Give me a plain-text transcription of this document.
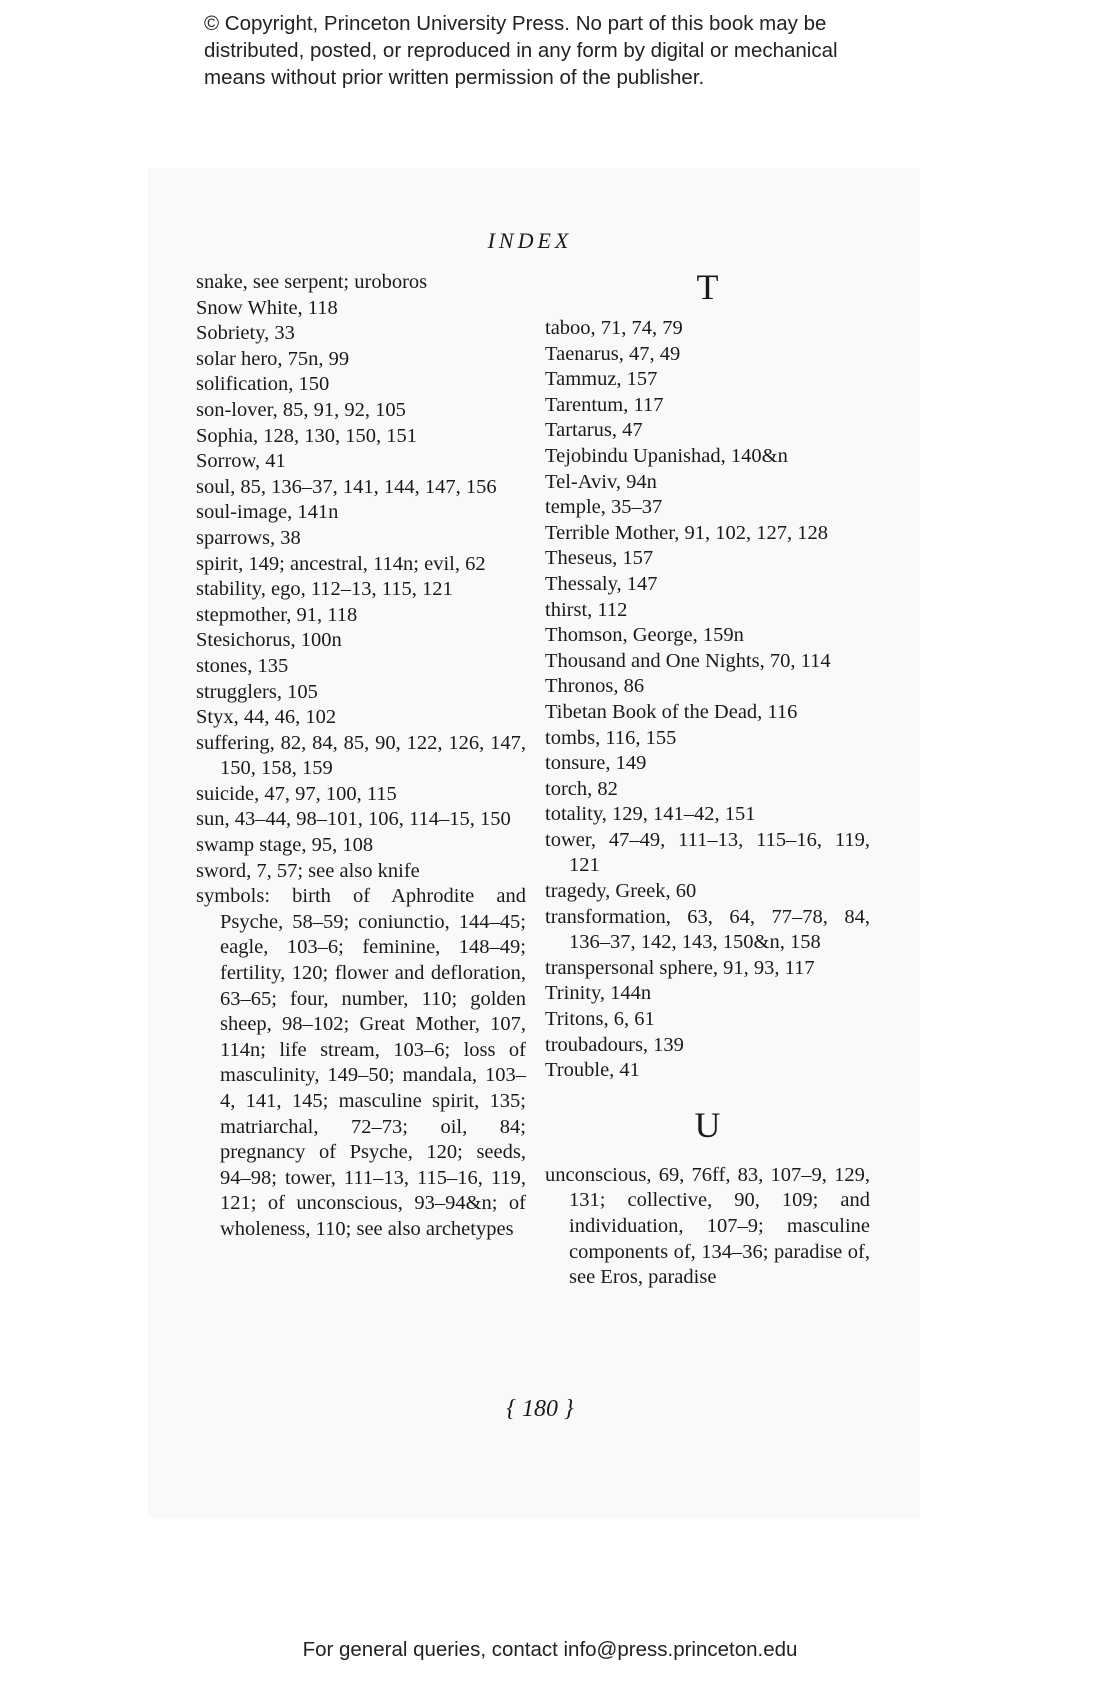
© Copyright, Princeton University Press. No part of this book may be distributed, posted, or reproduced in any form by digital or mechanical means without prior written permission of the publisher.
INDEX
snake, see serpent; uroboros
Snow White, 118
Sobriety, 33
solar hero, 75n, 99
solification, 150
son-lover, 85, 91, 92, 105
Sophia, 128, 130, 150, 151
Sorrow, 41
soul, 85, 136–37, 141, 144, 147, 156
soul-image, 141n
sparrows, 38
spirit, 149; ancestral, 114n; evil, 62
stability, ego, 112–13, 115, 121
stepmother, 91, 118
Stesichorus, 100n
stones, 135
strugglers, 105
Styx, 44, 46, 102
suffering, 82, 84, 85, 90, 122, 126, 147, 150, 158, 159
suicide, 47, 97, 100, 115
sun, 43–44, 98–101, 106, 114–15, 150
swamp stage, 95, 108
sword, 7, 57; see also knife
symbols: birth of Aphrodite and Psyche, 58–59; coniunctio, 144–45; eagle, 103–6; feminine, 148–49; fertility, 120; flower and defloration, 63–65; four, number, 110; golden sheep, 98–102; Great Mother, 107, 114n; life stream, 103–6; loss of masculinity, 149–50; mandala, 103–4, 141, 145; masculine spirit, 135; matriarchal, 72–73; oil, 84; pregnancy of Psyche, 120; seeds, 94–98; tower, 111–13, 115–16, 119, 121; of unconscious, 93–94&n; of wholeness, 110; see also archetypes
T
taboo, 71, 74, 79
Taenarus, 47, 49
Tammuz, 157
Tarentum, 117
Tartarus, 47
Tejobindu Upanishad, 140&n
Tel-Aviv, 94n
temple, 35–37
Terrible Mother, 91, 102, 127, 128
Theseus, 157
Thessaly, 147
thirst, 112
Thomson, George, 159n
Thousand and One Nights, 70, 114
Thronos, 86
Tibetan Book of the Dead, 116
tombs, 116, 155
tonsure, 149
torch, 82
totality, 129, 141–42, 151
tower, 47–49, 111–13, 115–16, 119, 121
tragedy, Greek, 60
transformation, 63, 64, 77–78, 84, 136–37, 142, 143, 150&n, 158
transpersonal sphere, 91, 93, 117
Trinity, 144n
Tritons, 6, 61
troubadours, 139
Trouble, 41
U
unconscious, 69, 76ff, 83, 107–9, 129, 131; collective, 90, 109; and individuation, 107–9; masculine components of, 134–36; paradise of, see Eros, paradise
{ 180 }
For general queries, contact info@press.princeton.edu
